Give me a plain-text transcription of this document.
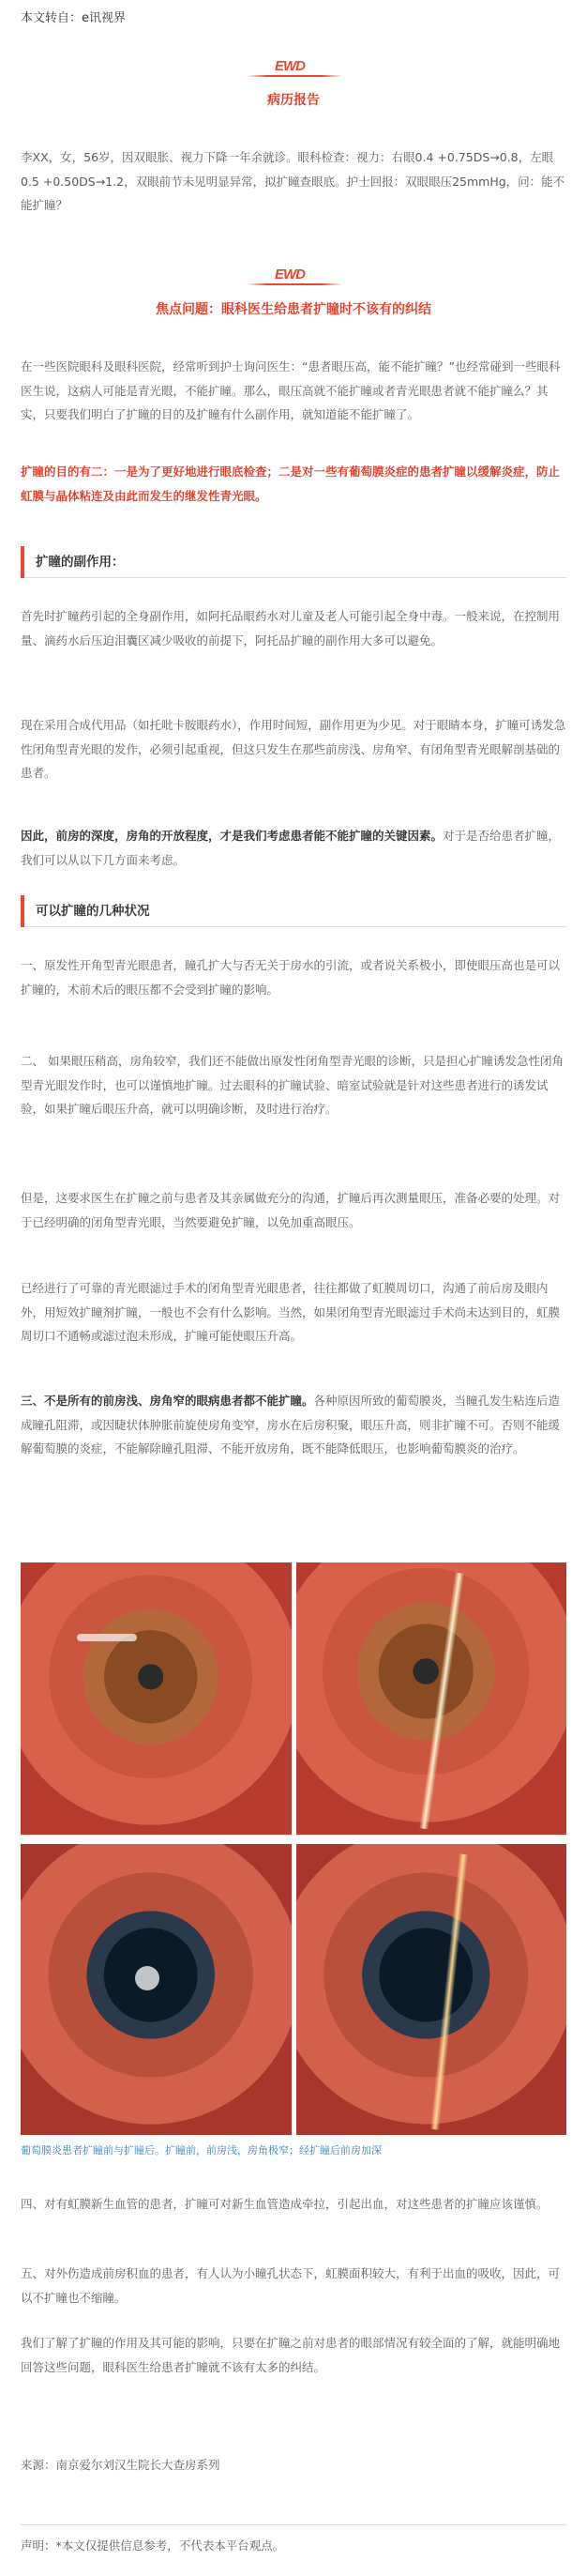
本文转自：e讯视界
EWD
病历报告
李XX，女，56岁，因双眼胀、视力下降一年余就诊。眼科检查：视力：右眼0.4 +0.75DS→0.8，左眼0.5 +0.50DS→1.2，双眼前节未见明显异常，拟扩瞳查眼底。护士回报：双眼眼压25mmHg，问：能不能扩瞳？
EWD
焦点问题：眼科医生给患者扩瞳时不该有的纠结
在一些医院眼科及眼科医院，经常听到护士询问医生：“患者眼压高，能不能扩瞳？”也经常碰到一些眼科医生说，这病人可能是青光眼，不能扩瞳。那么，眼压高就不能扩瞳或者青光眼患者就不能扩瞳么？其实，只要我们明白了扩瞳的目的及扩瞳有什么副作用，就知道能不能扩瞳了。
扩瞳的目的有二：一是为了更好地进行眼底检查；二是对一些有葡萄膜炎症的患者扩瞳以缓解炎症，防止虹膜与晶体粘连及由此而发生的继发性青光眼。
扩瞳的副作用：
首先时扩瞳药引起的全身副作用，如阿托品眼药水对儿童及老人可能引起全身中毒。一般来说，在控制用量、滴药水后压迫泪囊区减少吸收的前提下，阿托品扩瞳的副作用大多可以避免。
现在采用合成代用品（如托吡卡胺眼药水），作用时间短，副作用更为少见。对于眼睛本身，扩瞳可诱发急性闭角型青光眼的发作，必须引起重视，但这只发生在那些前房浅、房角窄、有闭角型青光眼解剖基础的患者。
因此，前房的深度，房角的开放程度，才是我们考虑患者能不能扩瞳的关键因素。对于是否给患者扩瞳，我们可以从以下几方面来考虑。
可以扩瞳的几种状况
一、原发性开角型青光眼患者，瞳孔扩大与否无关于房水的引流，或者说关系极小，即使眼压高也是可以扩瞳的，术前术后的眼压都不会受到扩瞳的影响。
二、 如果眼压稍高，房角较窄，我们还不能做出原发性闭角型青光眼的诊断，只是担心扩瞳诱发急性闭角型青光眼发作时，也可以谨慎地扩瞳。过去眼科的扩瞳试验、暗室试验就是针对这些患者进行的诱发试验，如果扩瞳后眼压升高，就可以明确诊断，及时进行治疗。
但是，这要求医生在扩瞳之前与患者及其亲属做充分的沟通，扩瞳后再次测量眼压，准备必要的处理。对于已经明确的闭角型青光眼，当然要避免扩瞳，以免加重高眼压。
已经进行了可靠的青光眼滤过手术的闭角型青光眼患者，往往都做了虹膜周切口，沟通了前后房及眼内外，用短效扩瞳剂扩瞳，一般也不会有什么影响。当然，如果闭角型青光眼滤过手术尚未达到目的，虹膜周切口不通畅或滤过泡未形成，扩瞳可能使眼压升高。
三、不是所有的前房浅、房角窄的眼病患者都不能扩瞳。各种原因所致的葡萄膜炎，当瞳孔发生粘连后造成瞳孔阻滞，或因睫状体肿胀前旋使房角变窄，房水在后房积聚，眼压升高，则非扩瞳不可。否则不能缓解葡萄膜的炎症，不能解除瞳孔阻滞、不能开放房角，既不能降低眼压，也影响葡萄膜炎的治疗。
葡萄膜炎患者扩瞳前与扩瞳后。扩瞳前，前房浅，房角极窄；经扩瞳后前房加深
四、对有虹膜新生血管的患者，扩瞳可对新生血管造成牵拉，引起出血，对这些患者的扩瞳应该谨慎。
五、对外伤造成前房积血的患者，有人认为小瞳孔状态下，虹膜面积较大，有利于出血的吸收，因此，可以不扩瞳也不缩瞳。
我们了解了扩瞳的作用及其可能的影响，只要在扩瞳之前对患者的眼部情况有较全面的了解，就能明确地回答这些问题，眼科医生给患者扩瞳就不该有太多的纠结。
来源：南京爱尔刘汉生院长大查房系列
声明：*本文仅提供信息参考，不代表本平台观点。
